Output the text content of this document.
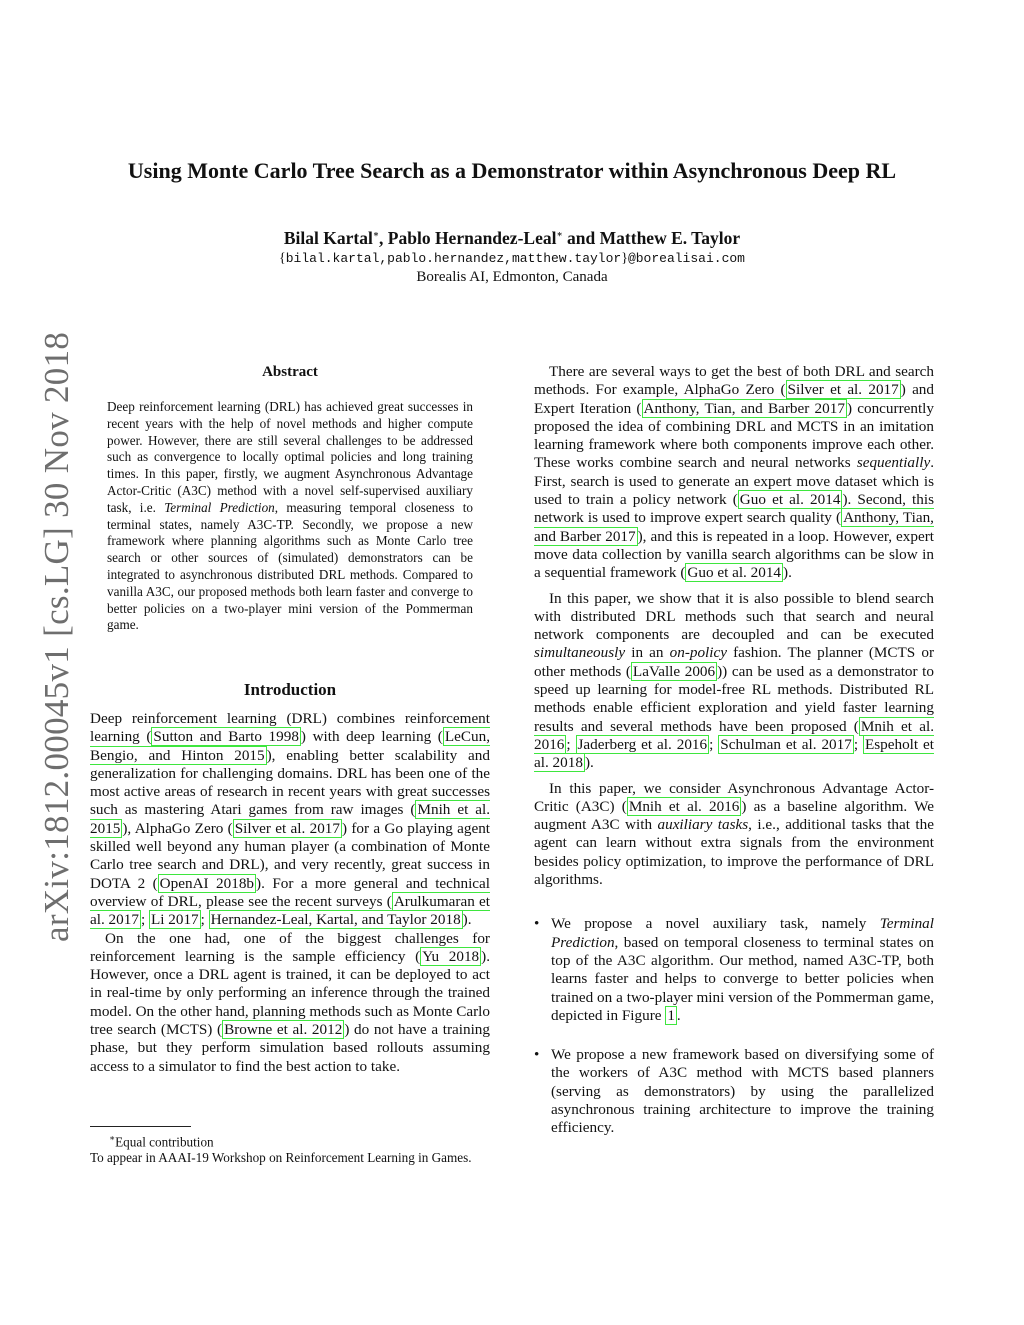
arXiv:1812.00045v1 [cs.LG] 30 Nov 2018
Using Monte Carlo Tree Search as a Demonstrator within Asynchronous Deep RL
Bilal Kartal∗, Pablo Hernandez-Leal∗ and Matthew E. Taylor
{bilal.kartal,pablo.hernandez,matthew.taylor}@borealisai.com
Borealis AI, Edmonton, Canada
Abstract

Deep reinforcement learning (DRL) has achieved great successes in recent years with the help of novel methods and higher compute power. However, there are still several challenges to be addressed such as convergence to locally optimal policies and long training times. In this paper, firstly, we augment Asynchronous Advantage Actor-Critic (A3C) method with a novel self-supervised auxiliary task, i.e. Terminal Prediction, measuring temporal closeness to terminal states, namely A3C-TP. Secondly, we propose a new framework where planning algorithms such as Monte Carlo tree search or other sources of (simulated) demonstrators can be integrated to asynchronous distributed DRL methods. Compared to vanilla A3C, our proposed methods both learn faster and converge to better policies on a two-player mini version of the Pommerman game.

Introduction

Deep reinforcement learning (DRL) combines reinforcement learning ( Sutton and Barto 1998 ) with deep learning ( LeCun, Bengio, and Hinton 2015 ), enabling better scalability and generalization for challenging domains. DRL has been one of the most active areas of research in recent years with great successes such as mastering Atari games from raw images ( Mnih et al. 2015 ), AlphaGo Zero ( Silver et al. 2017 ) for a Go playing agent skilled well beyond any human player (a combination of Monte Carlo tree search and DRL), and very recently, great success in DOTA 2 ( OpenAI 2018b ). For a more general and technical overview of DRL, please see the recent surveys ( Arulkumaran et al. 2017 ; Li 2017 ; Hernandez-Leal, Kartal, and Taylor 2018 ).

On the one had, one of the biggest challenges for reinforcement learning is the sample efficiency ( Yu 2018 ). However, once a DRL agent is trained, it can be deployed to act in real-time by only performing an inference through the trained model. On the other hand, planning methods such as Monte Carlo tree search (MCTS) ( Browne et al. 2012 ) do not have a training phase, but they perform simulation based rollouts assuming access to a simulator to find the best action to take.

There are several ways to get the best of both DRL and search methods. For example, AlphaGo Zero ( Silver et al. 2017 ) and Expert Iteration ( Anthony, Tian, and Barber 2017 ) concurrently proposed the idea of combining DRL and MCTS in an imitation learning framework where both components improve each other. These works combine search and neural networks sequentially. First, search is used to generate an expert move dataset which is used to train a policy network ( Guo et al. 2014 ). Second, this network is used to improve expert search quality ( Anthony, Tian, and Barber 2017 ), and this is repeated in a loop. However, expert move data collection by vanilla search algorithms can be slow in a sequential framework ( Guo et al. 2014 ).

In this paper, we show that it is also possible to blend search with distributed DRL methods such that search and neural network components are decoupled and can be executed simultaneously in an on-policy fashion. The planner (MCTS or other methods ( LaValle 2006 )) can be used as a demonstrator to speed up learning for model-free RL methods. Distributed RL methods enable efficient exploration and yield faster learning results and several methods have been proposed ( Mnih et al. 2016 ; Jaderberg et al. 2016 ; Schulman et al. 2017 ; Espeholt et al. 2018 ).

In this paper, we consider Asynchronous Advantage Actor-Critic (A3C) ( Mnih et al. 2016 ) as a baseline algorithm. We augment A3C with auxiliary tasks, i.e., additional tasks that the agent can learn without extra signals from the environment besides policy optimization, to improve the performance of DRL algorithms.

• We propose a novel auxiliary task, namely Terminal Prediction, based on temporal closeness to terminal states on top of the A3C algorithm. Our method, named A3C-TP, both learns faster and helps to converge to better policies when trained on a two-player mini version of the Pommerman game, depicted in Figure 1 .
• We propose a new framework based on diversifying some of the workers of A3C method with MCTS based planners (serving as demonstrators) by using the parallelized asynchronous training architecture to improve the training efficiency.
∗Equal contribution
To appear in AAAI-19 Workshop on Reinforcement Learning in Games.
